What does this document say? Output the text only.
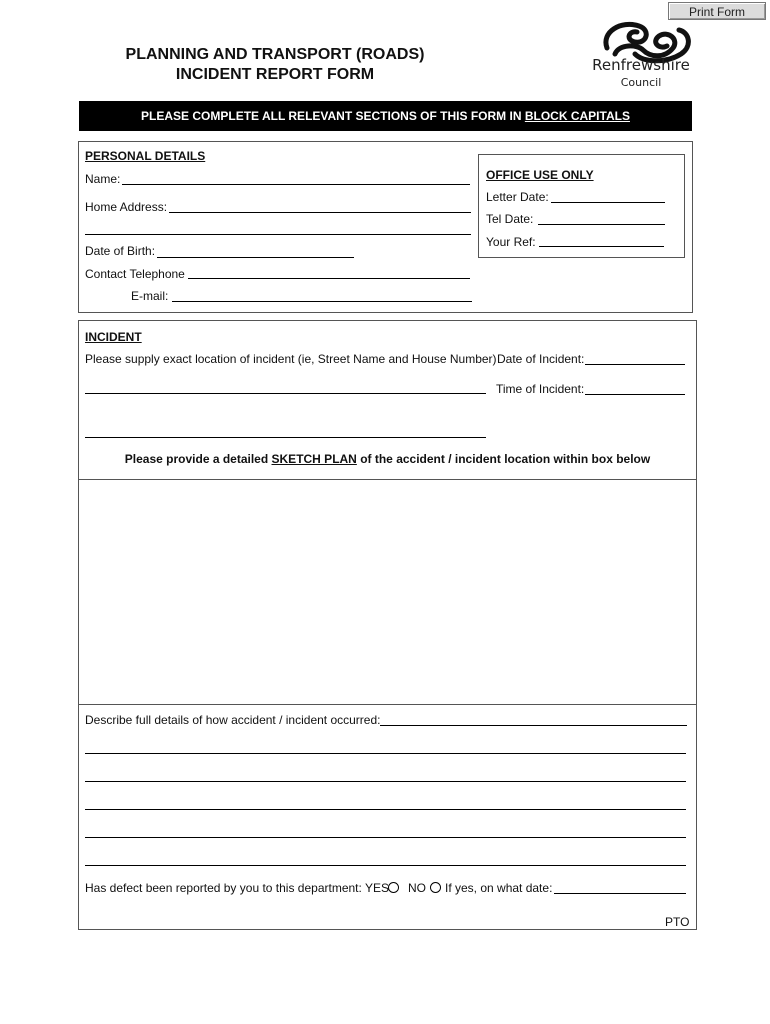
Print Form
PLANNING AND TRANSPORT (ROADS)
INCIDENT REPORT FORM
Renfrewshire
Council
PLEASE COMPLETE ALL RELEVANT SECTIONS OF THIS FORM IN BLOCK CAPITALS
PERSONAL DETAILS
Name:
Home Address:
Date of Birth:
Contact Telephone
E-mail:
OFFICE USE ONLY
Letter Date:
Tel Date:
Your Ref:
INCIDENT
Please supply exact location of incident (ie, Street Name and House Number) Date of Incident:
Time of Incident:
Please provide a detailed SKETCH PLAN of the accident / incident location within box below
Describe full details of how accident / incident occurred:
Has defect been reported by you to this department: YES NO If yes, on what date:
PTO
